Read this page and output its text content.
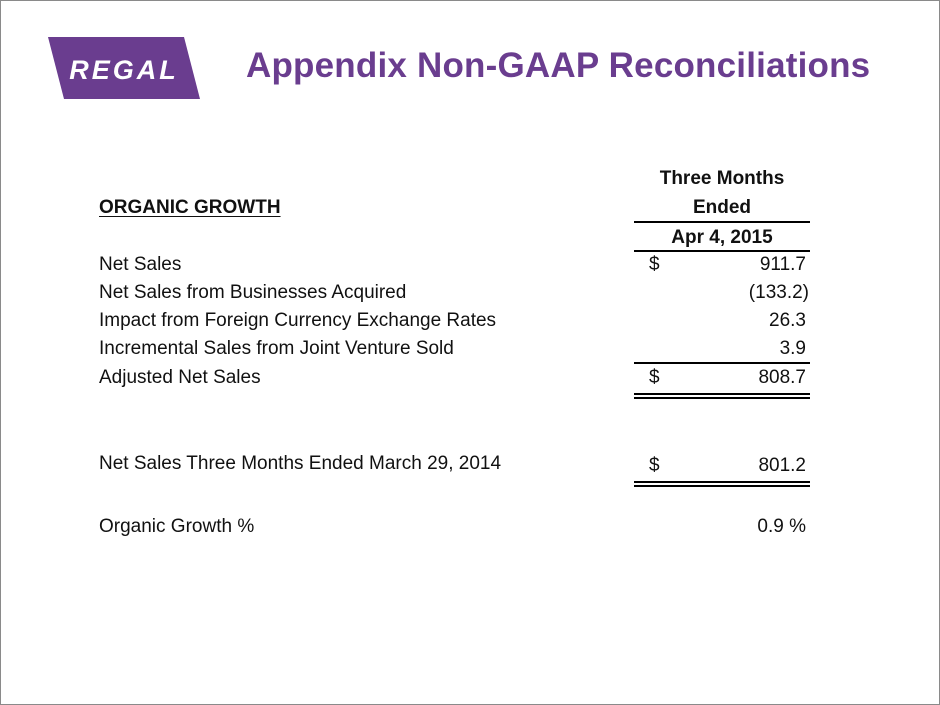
REGAL Appendix Non-GAAP Reconciliations
ORGANIC GROWTH
Three Months
Ended
Apr 4, 2015
Net Sales	$	911.7
Net Sales from Businesses Acquired	(133.2)
Impact from Foreign Currency Exchange Rates	26.3
Incremental Sales from Joint Venture Sold	3.9
Adjusted Net Sales	$	808.7
Net Sales Three Months Ended March 29, 2014	$	801.2
Organic Growth %	0.9 %
